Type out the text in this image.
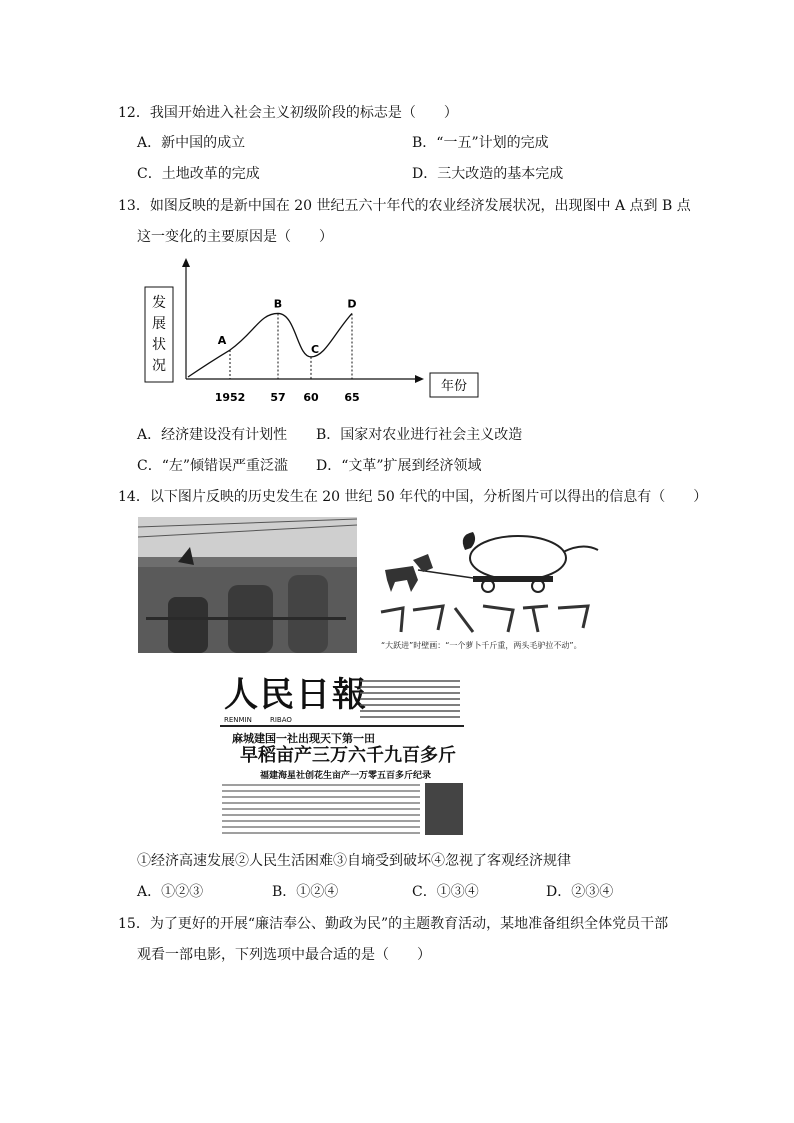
12．我国开始进入社会主义初级阶段的标志是（　　）
A．新中国的成立	B．“一五”计划的完成
C．土地改革的完成	D．三大改造的基本完成
13．如图反映的是新中国在 20 世纪五六十年代的农业经济发展状况，出现图中 A 点到 B 点
这一变化的主要原因是（　　）
发
展
状
况
年份
A
B
C
D
1952 57 60 65
A．经济建设没有计划性 B．国家对农业进行社会主义改造
C．“左”倾错误严重泛滥 D．“文革”扩展到经济领域
14．以下图片反映的历史发生在 20 世纪 50 年代的中国，分析图片可以得出的信息有（　　）
“大跃进”时壁画：“一个萝卜千斤重，两头毛驴拉不动”。
人民日報
RENMIN	RIBAO
麻城建国一社出现天下第一田
早稻亩产三万六千九百多斤
福建海星社创花生亩产一万零五百多斤纪录
①经济高速发展②人民生活困难③自墒受到破坏④忽视了客观经济规律
A．①②③	B．①②④	C．①③④	D．②③④
15．为了更好的开展“廉洁奉公、勤政为民”的主题教育活动，某地准备组织全体党员干部
观看一部电影，下列选项中最合适的是（　　）
